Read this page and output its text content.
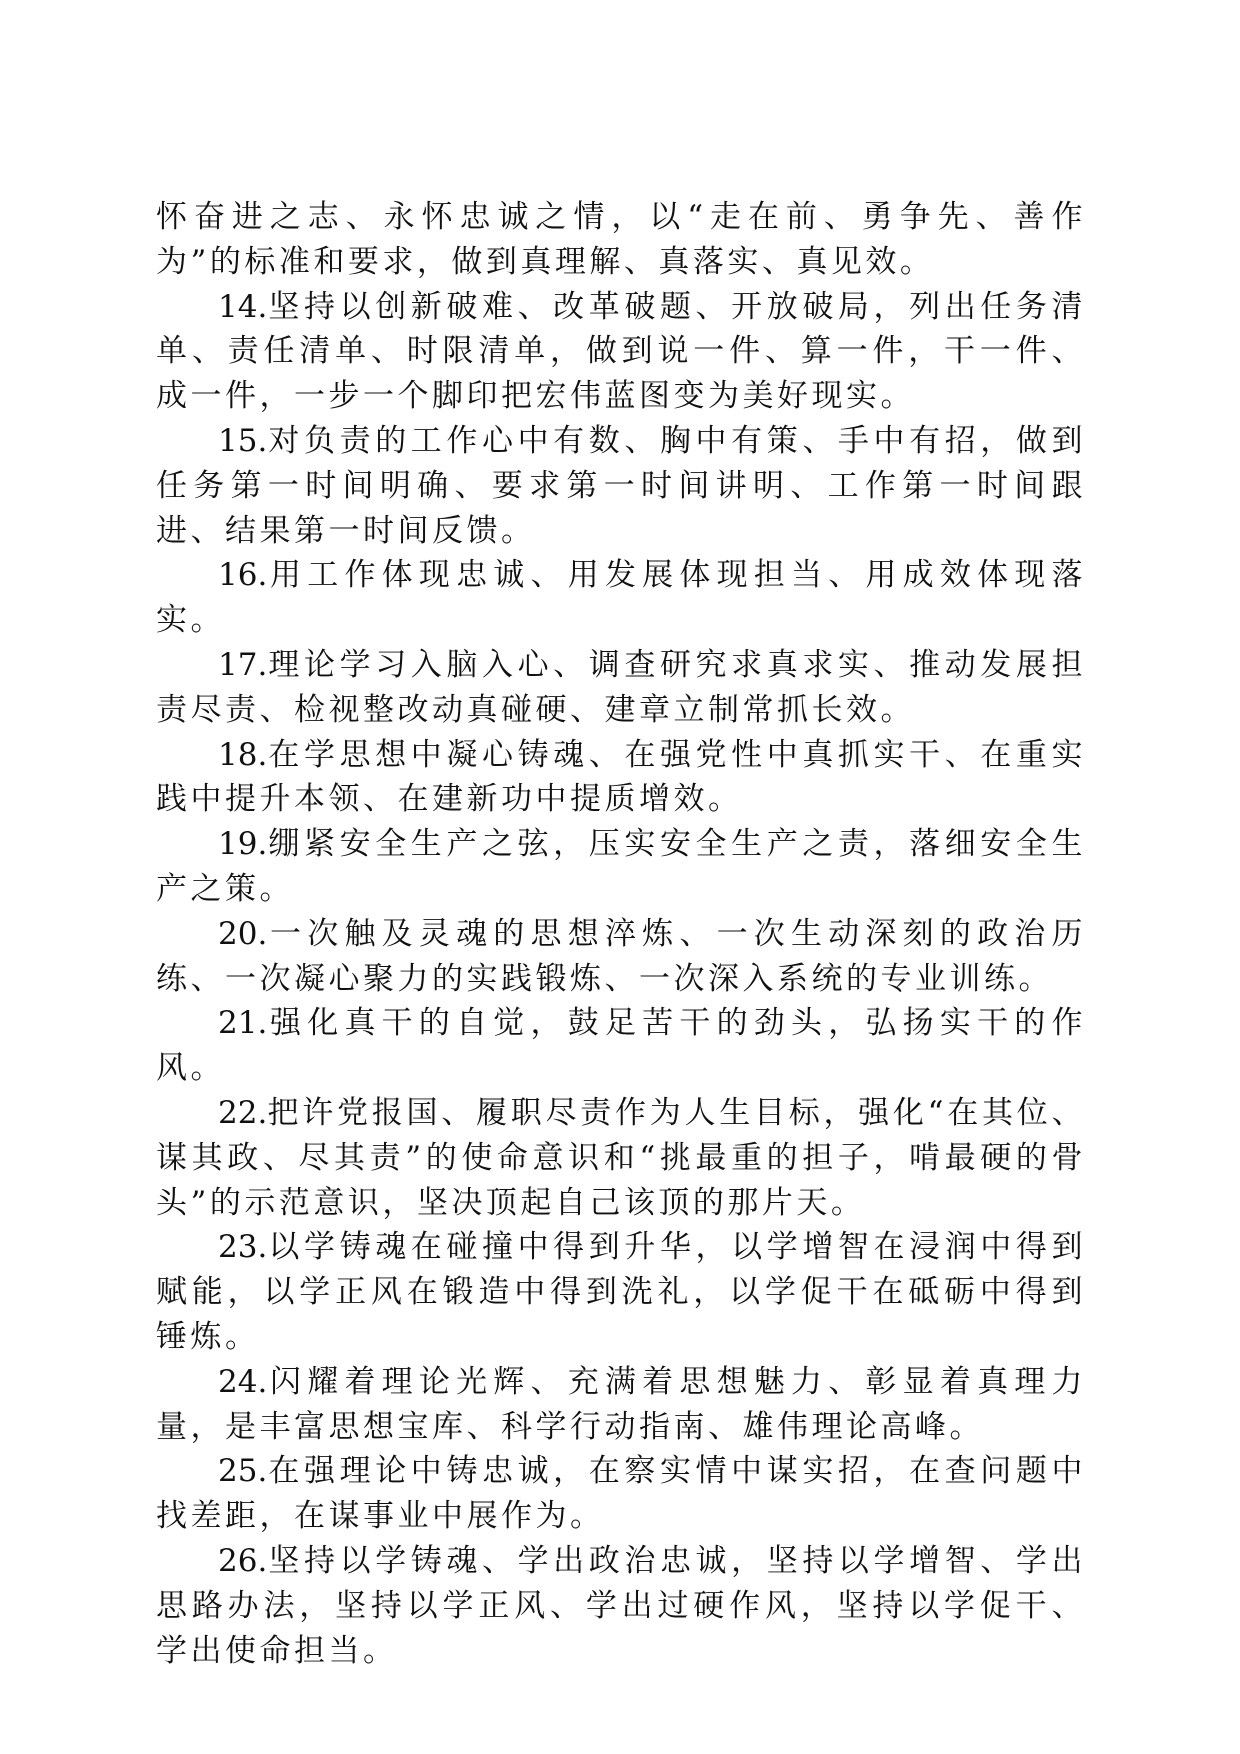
怀奋进之志、永怀忠诚之情，以“走在前、勇争先、善作为”的标准和要求，做到真理解、真落实、真见效。

14.坚持以创新破难、改革破题、开放破局，列出任务清单、责任清单、时限清单，做到说一件、算一件，干一件、成一件，一步一个脚印把宏伟蓝图变为美好现实。

15.对负责的工作心中有数、胸中有策、手中有招，做到任务第一时间明确、要求第一时间讲明、工作第一时间跟进、结果第一时间反馈。

16.用工作体现忠诚、用发展体现担当、用成效体现落实。

17.理论学习入脑入心、调查研究求真求实、推动发展担责尽责、检视整改动真碰硬、建章立制常抓长效。

18.在学思想中凝心铸魂、在强党性中真抓实干、在重实践中提升本领、在建新功中提质增效。

19.绷紧安全生产之弦，压实安全生产之责，落细安全生产之策。

20.一次触及灵魂的思想淬炼、一次生动深刻的政治历练、一次凝心聚力的实践锻炼、一次深入系统的专业训练。

21.强化真干的自觉，鼓足苦干的劲头，弘扬实干的作风。

22.把许党报国、履职尽责作为人生目标，强化“在其位、谋其政、尽其责”的使命意识和“挑最重的担子，啃最硬的骨头”的示范意识，坚决顶起自己该顶的那片天。

23.以学铸魂在碰撞中得到升华，以学增智在浸润中得到赋能，以学正风在锻造中得到洗礼，以学促干在砥砺中得到锤炼。

24.闪耀着理论光辉、充满着思想魅力、彰显着真理力量，是丰富思想宝库、科学行动指南、雄伟理论高峰。

25.在强理论中铸忠诚，在察实情中谋实招，在查问题中找差距，在谋事业中展作为。

26.坚持以学铸魂、学出政治忠诚，坚持以学增智、学出思路办法，坚持以学正风、学出过硬作风，坚持以学促干、学出使命担当。
